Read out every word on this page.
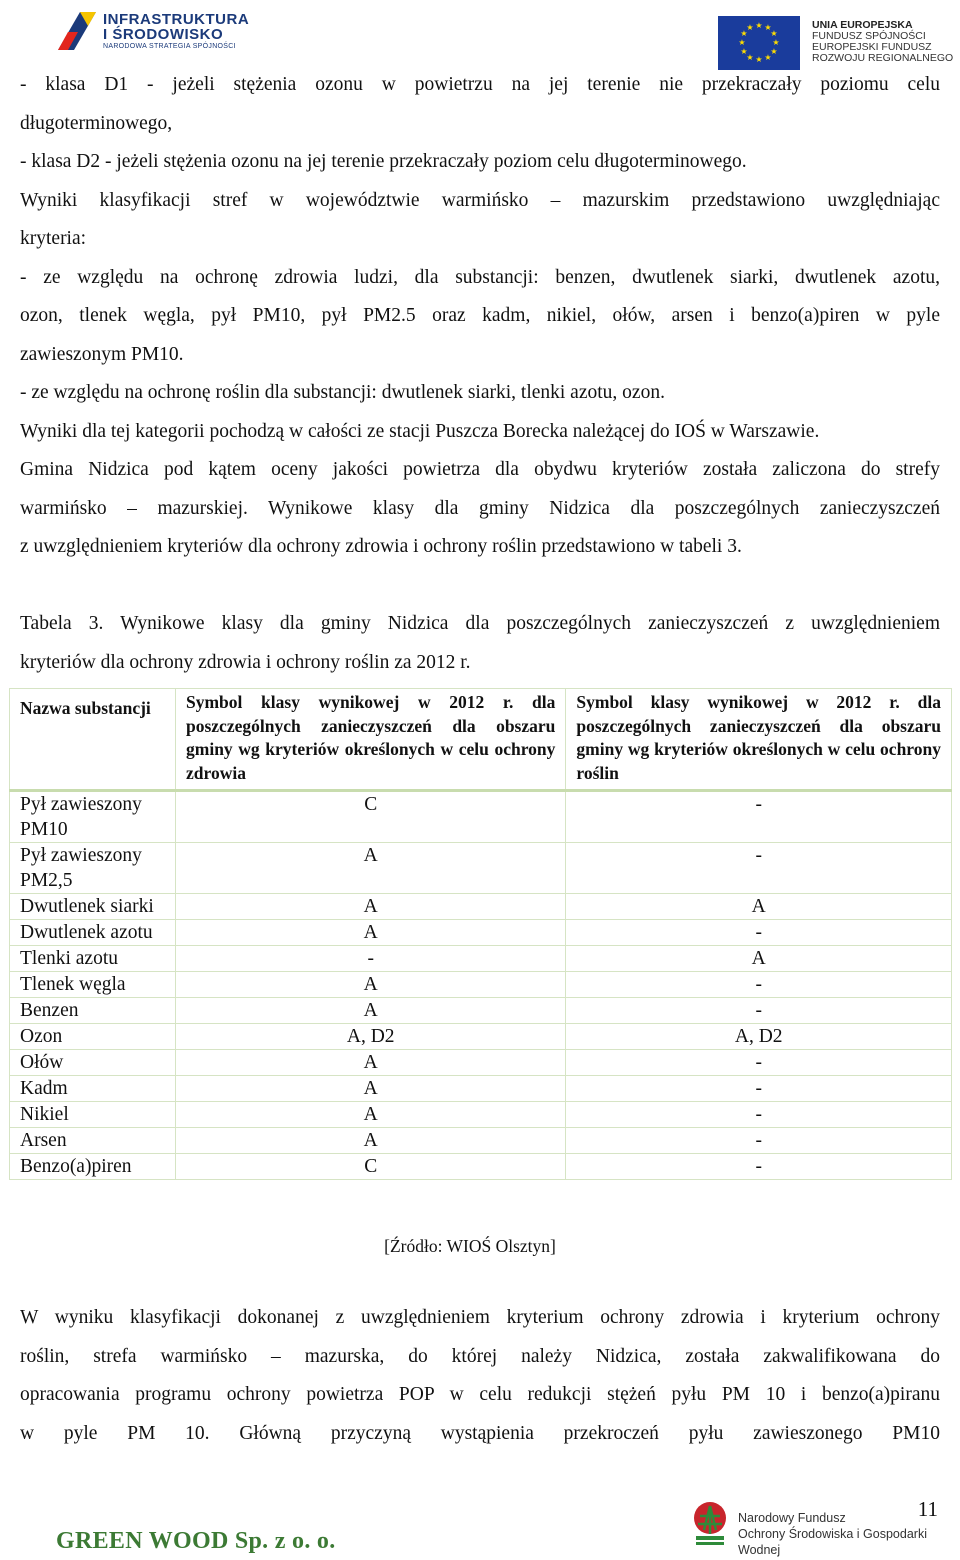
INFRASTRUKTURA
I ŚRODOWISKO
NARODOWA STRATEGIA SPÓJNOŚCI
★ ★
★
★
★
★
★
★
★
★
★
★	UNIA EUROPEJSKA
FUNDUSZ SPÓJNOŚCI
EUROPEJSKI FUNDUSZ
ROZWOJU REGIONALNEGO

- klasa D1 - jeżeli stężenia ozonu w powietrzu na jej terenie nie przekraczały poziomu celu

długoterminowego,

- klasa D2 - jeżeli stężenia ozonu na jej terenie przekraczały poziom celu długoterminowego.

Wyniki klasyfikacji stref w województwie warmińsko – mazurskim przedstawiono uwzględniając

kryteria:

- ze względu na ochronę zdrowia ludzi, dla substancji: benzen, dwutlenek siarki, dwutlenek azotu,

ozon, tlenek węgla, pył PM10, pył PM2.5 oraz kadm, nikiel, ołów, arsen i benzo(a)piren w pyle

zawieszonym PM10.

- ze względu na ochronę roślin dla substancji: dwutlenek siarki, tlenki azotu, ozon.

Wyniki dla tej kategorii pochodzą w całości ze stacji Puszcza Borecka należącej do IOŚ w Warszawie.

Gmina Nidzica pod kątem oceny jakości powietrza dla obydwu kryteriów została zaliczona do strefy

warmińsko – mazurskiej. Wynikowe klasy dla gminy Nidzica dla poszczególnych zanieczyszczeń

z uwzględnieniem kryteriów dla ochrony zdrowia i ochrony roślin przedstawiono w tabeli 3.

Tabela 3. Wynikowe klasy dla gminy Nidzica dla poszczególnych zanieczyszczeń z uwzględnieniem

kryteriów dla ochrony zdrowia i ochrony roślin za 2012 r.

Nazwa substancji	Symbol klasy wynikowej w 2012 r. dla poszczególnych zanieczyszczeń dla obszaru gminy wg kryteriów określonych w celu ochrony zdrowia	Symbol klasy wynikowej w 2012 r. dla poszczególnych zanieczyszczeń dla obszaru gminy wg kryteriów określonych w celu ochrony roślin
Pył zawieszony PM10	C	-
Pył zawieszony PM2,5	A	-
Dwutlenek siarki	A	A
Dwutlenek azotu	A	-
Tlenki azotu	-	A
Tlenek węgla	A	-
Benzen	A	-
Ozon	A, D2	A, D2
Ołów	A	-
Kadm	A	-
Nikiel	A	-
Arsen	A	-
Benzo(a)piren	C	-
[Źródło: WIOŚ Olsztyn]

W wyniku klasyfikacji dokonanej z uwzględnieniem kryterium ochrony zdrowia i kryterium ochrony

roślin, strefa warmińsko – mazurska, do której należy Nidzica, została zakwalifikowana do

opracowania programu ochrony powietrza POP w celu redukcji stężeń pyłu PM 10 i benzo(a)piranu

w pyle PM 10. Główną przyczyną wystąpienia przekroczeń pyłu zawieszonego PM10

GREEN WOOD Sp. z o. o.
11
Narodowy Fundusz
Ochrony Środowiska i Gospodarki Wodnej
